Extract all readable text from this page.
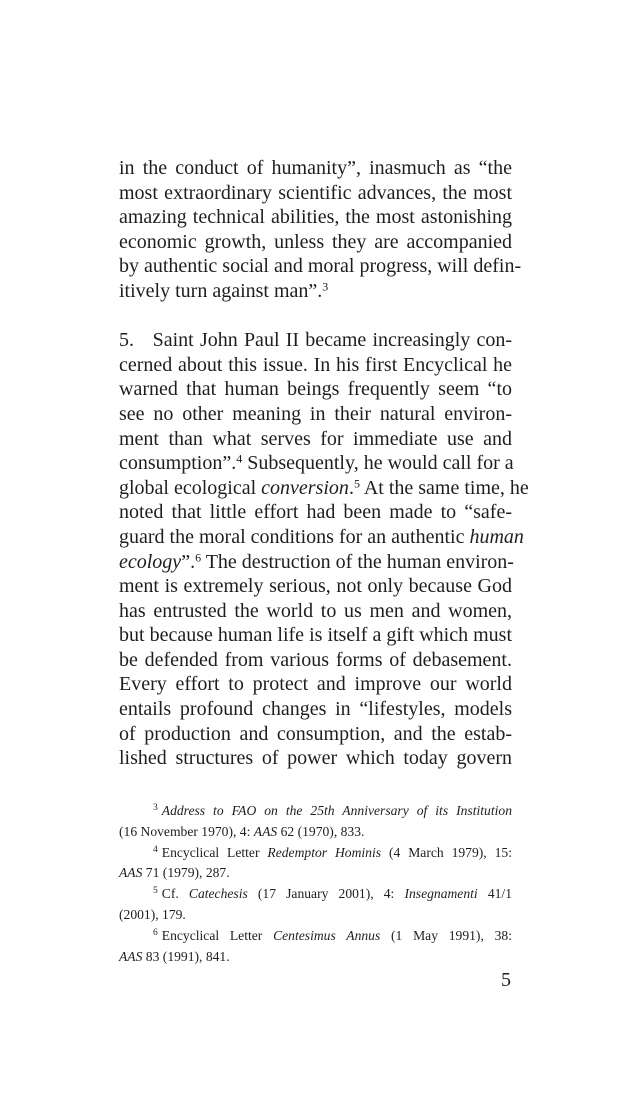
in the conduct of humanity”, inasmuch as “the
most extraordinary scientific advances, the most
amazing technical abilities, the most astonishing
economic growth, unless they are accompanied
by authentic social and moral progress, will defin-
itively turn against man”.$^3$
5.   Saint John Paul II became increasingly con-
cerned about this issue. In his first Encyclical he
warned that human beings frequently seem “to
see no other meaning in their natural environ-
ment than what serves for immediate use and
consumption”.$^4$ Subsequently, he would call for a
global ecological conversion.$^5$ At the same time, he
noted that little effort had been made to “safe-
guard the moral conditions for an authentic human
ecology”.$^6$ The destruction of the human environ-
ment is extremely serious, not only because God
has entrusted the world to us men and women,
but because human life is itself a gift which must
be defended from various forms of debasement.
Every effort to protect and improve our world
entails profound changes in “lifestyles, models
of production and consumption, and the estab-
lished structures of power which today govern
$^3$ Address to FAO on the 25th Anniversary of its Institution
(16 November 1970), 4: AAS 62 (1970), 833.
$^4$ Encyclical Letter Redemptor Hominis (4 March 1979), 15:
AAS 71 (1979), 287.
$^5$ Cf. Catechesis (17 January 2001), 4: Insegnamenti 41/1
(2001), 179.
$^6$ Encyclical Letter Centesimus Annus (1 May 1991), 38:
AAS 83 (1991), 841.
5
